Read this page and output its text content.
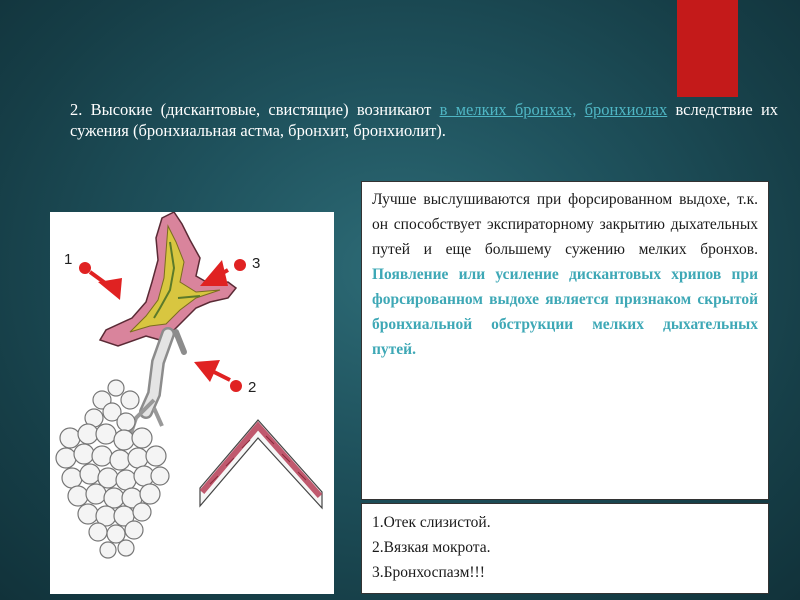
2. Высокие (дискантовые, свистящие) возникают в мелких бронхах, бронхиолах вследствие их сужения (бронхиальная астма, бронхит, бронхиолит).
1	3
2
Лучше выслушиваются при форсированном выдохе, т.к. он способствует экспираторному закрытию дыхательных путей и еще большему сужению мелких бронхов. Появление или усиление дискантовых хрипов при форсированном выдохе является признаком скрытой бронхиальной обструкции мелких дыхательных путей.
1.Отек слизистой.
2.Вязкая мокрота.
3.Бронхоспазм!!!
